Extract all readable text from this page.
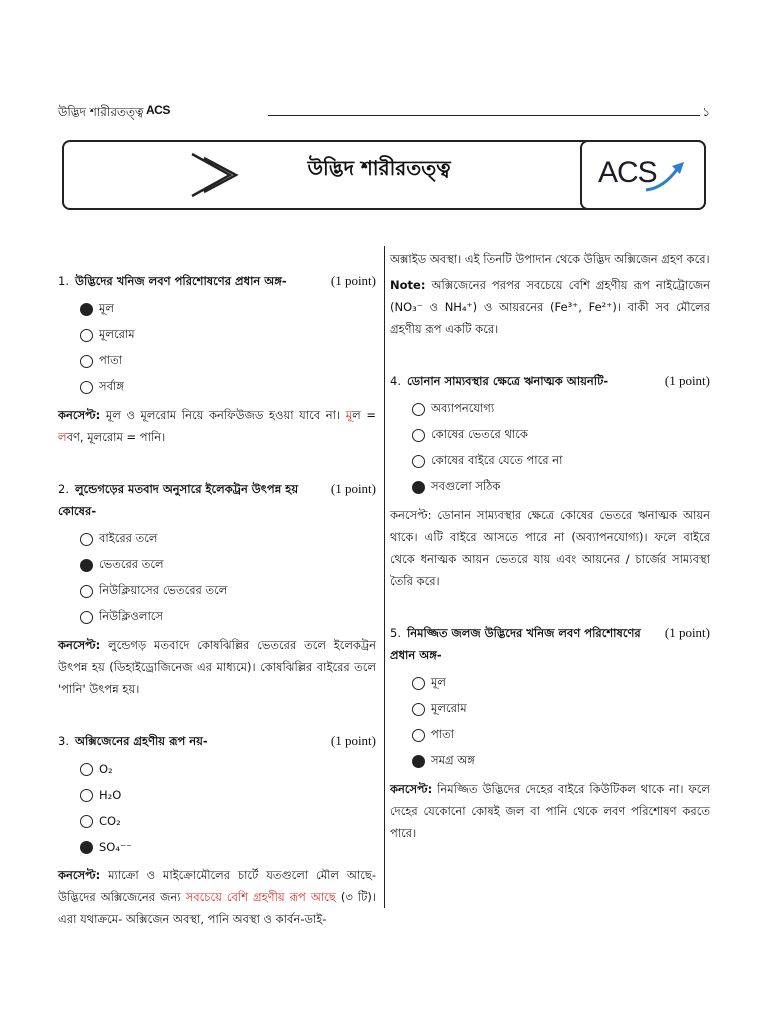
উদ্ভিদ শারীরতত্ত্ব ACS	১
উদ্ভিদ শারীরতত্ত্ব	ACS
1. উদ্ভিদের খনিজ লবণ পরিশোষণের প্রধান অঙ্গ-	(1 point)
মূল
মূলরোম
পাতা
সর্বাঙ্গ
কনসেপ্ট: মূল ও মূলরোম নিয়ে কনফিউজড হওয়া যাবে না। মূল = লবণ, মূলরোম = পানি।
2. লুন্ডেগড়ের মতবাদ অনুসারে ইলেকট্রন উৎপন্ন হয় কোষের-
(1 point)
বাইরের তলে
ভেতরের তলে
নিউক্লিয়াসের ভেতরের তলে
নিউক্লিওলাসে
কনসেপ্ট: লুন্ডেগড় মতবাদে কোষঝিল্লির ভেতরের তলে ইলেকট্রন উৎপন্ন হয় (ডিহাইড্রোজিনেজ এর মাধ্যমে)। কোষঝিল্লির বাইরের তলে 'পানি' উৎপন্ন হয়।
3. অক্সিজেনের গ্রহণীয় রূপ নয়-	(1 point)
O₂
H₂O
CO₂
SO₄⁻⁻
কনসেপ্ট: ম্যাক্রো ও মাইক্রোমৌলের চার্টে যতগুলো মৌল আছে- উদ্ভিদের অক্সিজেনের জন্য সবচেয়ে বেশি গ্রহণীয় রূপ আছে (৩ টি)। এরা যথাক্রমে- অক্সিজেন অবস্থা, পানি অবস্থা ও কার্বন-ডাই-
অক্সাইড অবস্থা। এই তিনটি উপাদান থেকে উদ্ভিদ অক্সিজেন গ্রহণ করে।
Note: অক্সিজেনের পরপর সবচেয়ে বেশি গ্রহণীয় রূপ নাইট্রোজেন (NO₃⁻ ও NH₄⁺) ও আয়রনের (Fe³⁺, Fe²⁺)। বাকী সব মৌলের গ্রহণীয় রূপ একটি করে।
4. ডোনান সাম্যবস্থার ক্ষেত্রে ঋনাত্মক আয়নটি-	(1 point)
অব্যাপনযোগ্য
কোষের ভেতরে থাকে
কোষের বাইরে যেতে পারে না
সবগুলো সঠিক
কনসেপ্ট: ডোনান সাম্যবস্থার ক্ষেত্রে কোষের ভেতরে ঋনাত্মক আয়ন থাকে। এটি বাইরে আসতে পারে না (অব্যাপনযোগ্য)। ফলে বাইরে থেকে ধনাত্মক আয়ন ভেতরে যায় এবং আয়নের / চার্জের সাম্যবস্থা তৈরি করে।
5. নিমজ্জিত জলজ উদ্ভিদের খনিজ লবণ পরিশোষণের প্রধান অঙ্গ-
(1 point)
মূল
মূলরোম
পাতা
সমগ্র অঙ্গ
কনসেপ্ট: নিমজ্জিত উদ্ভিদের দেহের বাইরে কিউটিকল থাকে না। ফলে দেহের যেকোনো কোষই জল বা পানি থেকে লবণ পরিশোষণ করতে পারে।
